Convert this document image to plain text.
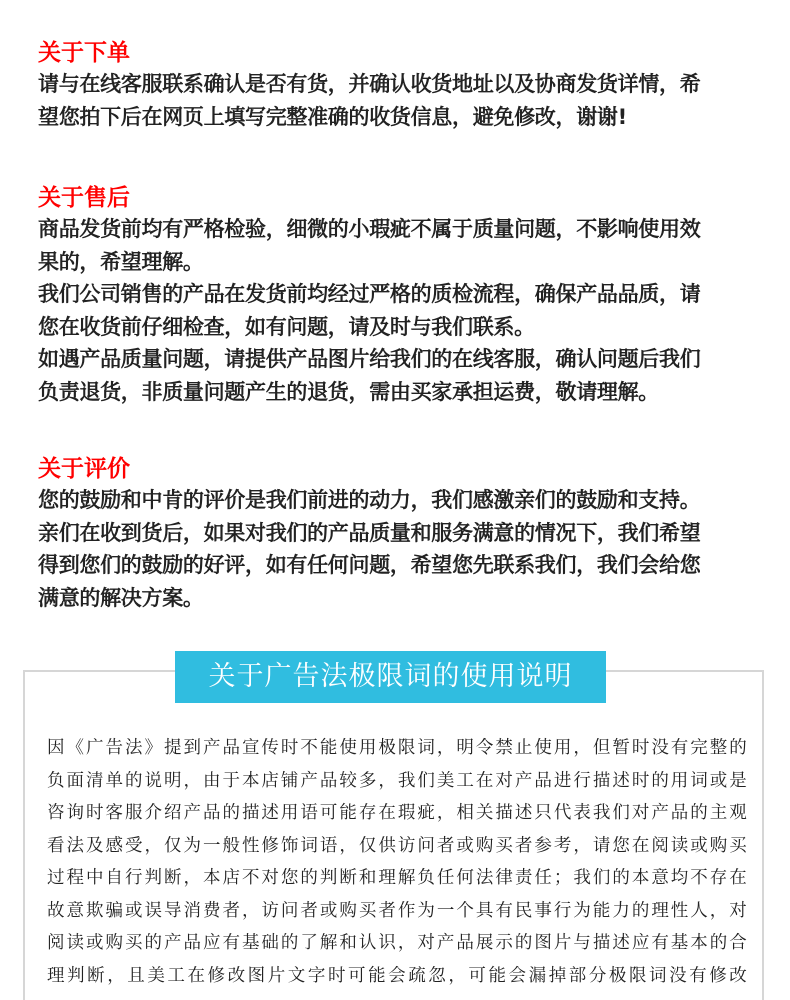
关于下单

请与在线客服联系确认是否有货，并确认收货地址以及协商发货详情，希

望您拍下后在网页上填写完整准确的收货信息，避免修改，谢谢!

关于售后

商品发货前均有严格检验，细微的小瑕疵不属于质量问题，不影响使用效

果的，希望理解。

我们公司销售的产品在发货前均经过严格的质检流程，确保产品品质，请

您在收货前仔细检查，如有问题，请及时与我们联系。

如遇产品质量问题，请提供产品图片给我们的在线客服，确认问题后我们

负责退货，非质量问题产生的退货，需由买家承担运费，敬请理解。

关于评价

您的鼓励和中肯的评价是我们前进的动力，我们感激亲们的鼓励和支持。

亲们在收到货后，如果对我们的产品质量和服务满意的情况下，我们希望

得到您们的鼓励的好评，如有任何问题，希望您先联系我们，我们会给您

满意的解决方案。

关于广告法极限词的使用说明

因《广告法》提到产品宣传时不能使用极限词，明令禁止使用，但暂时没有完整的

负面清单的说明，由于本店铺产品较多，我们美工在对产品进行描述时的用词或是

咨询时客服介绍产品的描述用语可能存在瑕疵，相关描述只代表我们对产品的主观

看法及感受，仅为一般性修饰词语，仅供访问者或购买者参考，请您在阅读或购买

过程中自行判断，本店不对您的判断和理解负任何法律责任；我们的本意均不存在

故意欺骗或误导消费者，访问者或购买者作为一个具有民事行为能力的理性人，对

阅读或购买的产品应有基础的了解和认识，对产品展示的图片与描述应有基本的合

理判断，且美工在修改图片文字时可能会疏忽，可能会漏掉部分极限词没有修改
